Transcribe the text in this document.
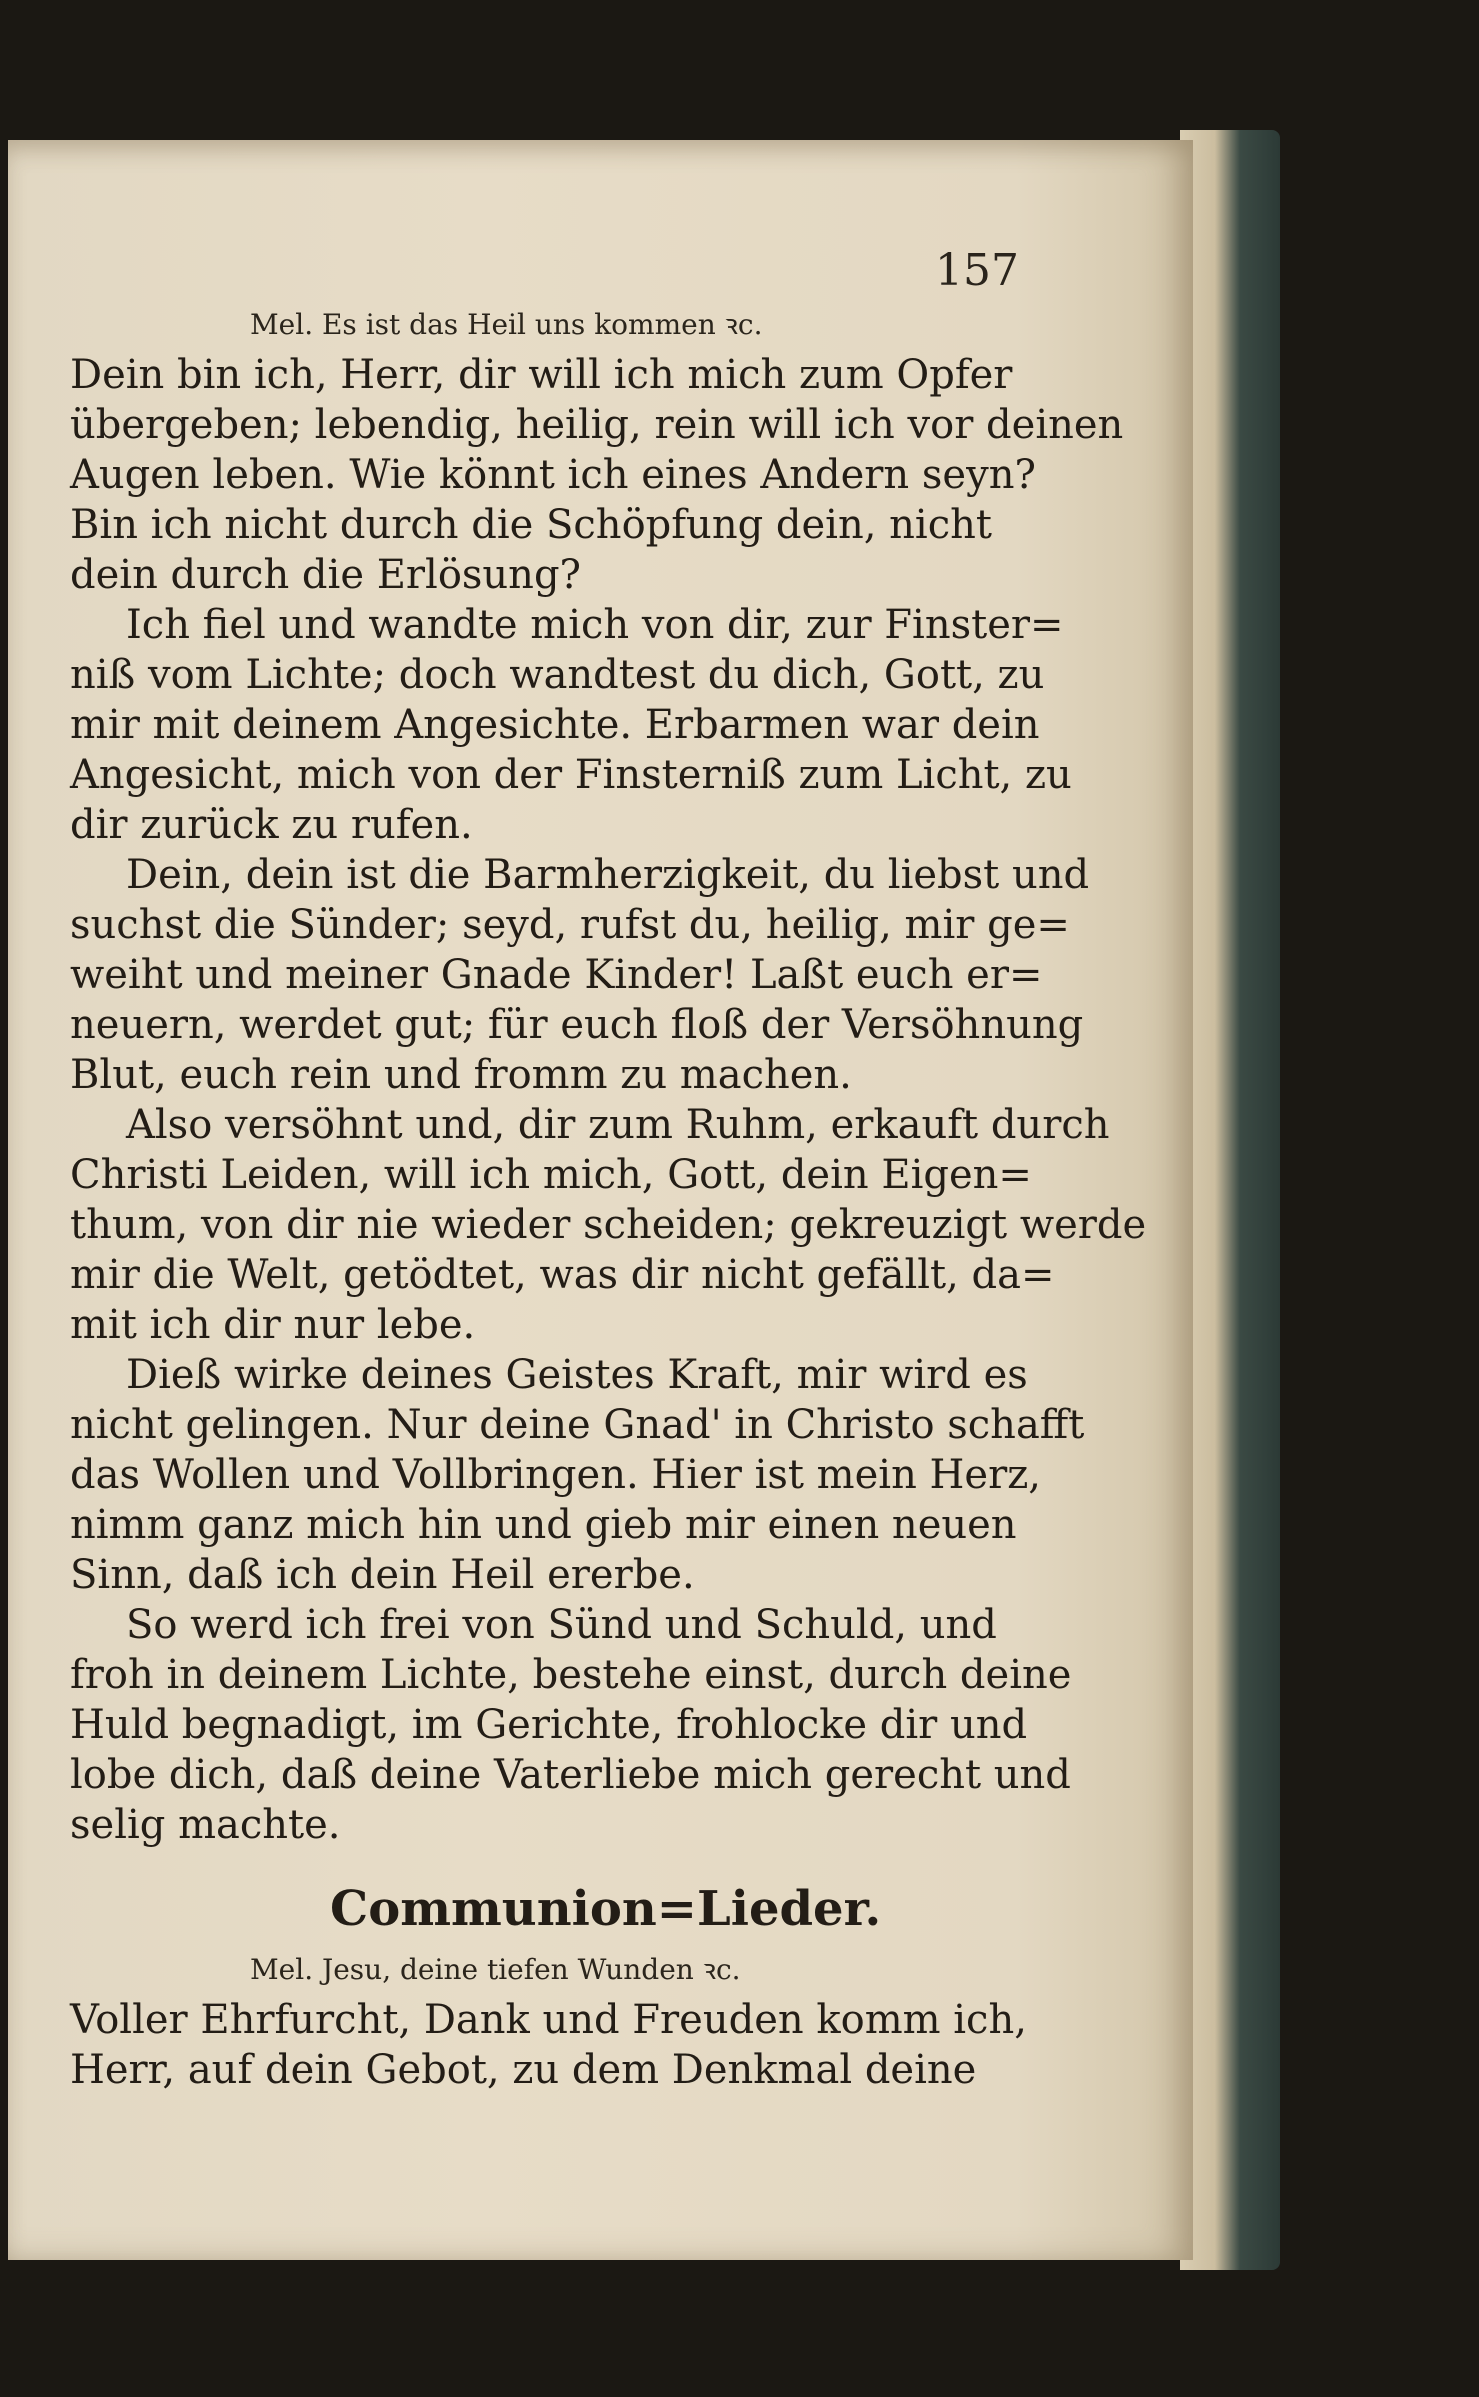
157
Mel. Es ist das Heil uns kommen ꝛc.
Dein bin ich, Herr, dir will ich mich zum Opfer
übergeben; lebendig, heilig, rein will ich vor deinen
Augen leben. Wie könnt ich eines Andern seyn?
Bin ich nicht durch die Schöpfung dein, nicht
dein durch die Erlösung?
Ich fiel und wandte mich von dir, zur Finster=
niß vom Lichte; doch wandtest du dich, Gott, zu
mir mit deinem Angesichte. Erbarmen war dein
Angesicht, mich von der Finsterniß zum Licht, zu
dir zurück zu rufen.
Dein, dein ist die Barmherzigkeit, du liebst und
suchst die Sünder; seyd, rufst du, heilig, mir ge=
weiht und meiner Gnade Kinder! Laßt euch er=
neuern, werdet gut; für euch floß der Versöhnung
Blut, euch rein und fromm zu machen.
Also versöhnt und, dir zum Ruhm, erkauft durch
Christi Leiden, will ich mich, Gott, dein Eigen=
thum, von dir nie wieder scheiden; gekreuzigt werde
mir die Welt, getödtet, was dir nicht gefällt, da=
mit ich dir nur lebe.
Dieß wirke deines Geistes Kraft, mir wird es
nicht gelingen. Nur deine Gnad' in Christo schafft
das Wollen und Vollbringen. Hier ist mein Herz,
nimm ganz mich hin und gieb mir einen neuen
Sinn, daß ich dein Heil ererbe.
So werd ich frei von Sünd und Schuld, und
froh in deinem Lichte, bestehe einst, durch deine
Huld begnadigt, im Gerichte, frohlocke dir und
lobe dich, daß deine Vaterliebe mich gerecht und
selig machte.
Communion=Lieder.
Mel. Jesu, deine tiefen Wunden ꝛc.
Voller Ehrfurcht, Dank und Freuden komm ich,
Herr, auf dein Gebot, zu dem Denkmal deine
